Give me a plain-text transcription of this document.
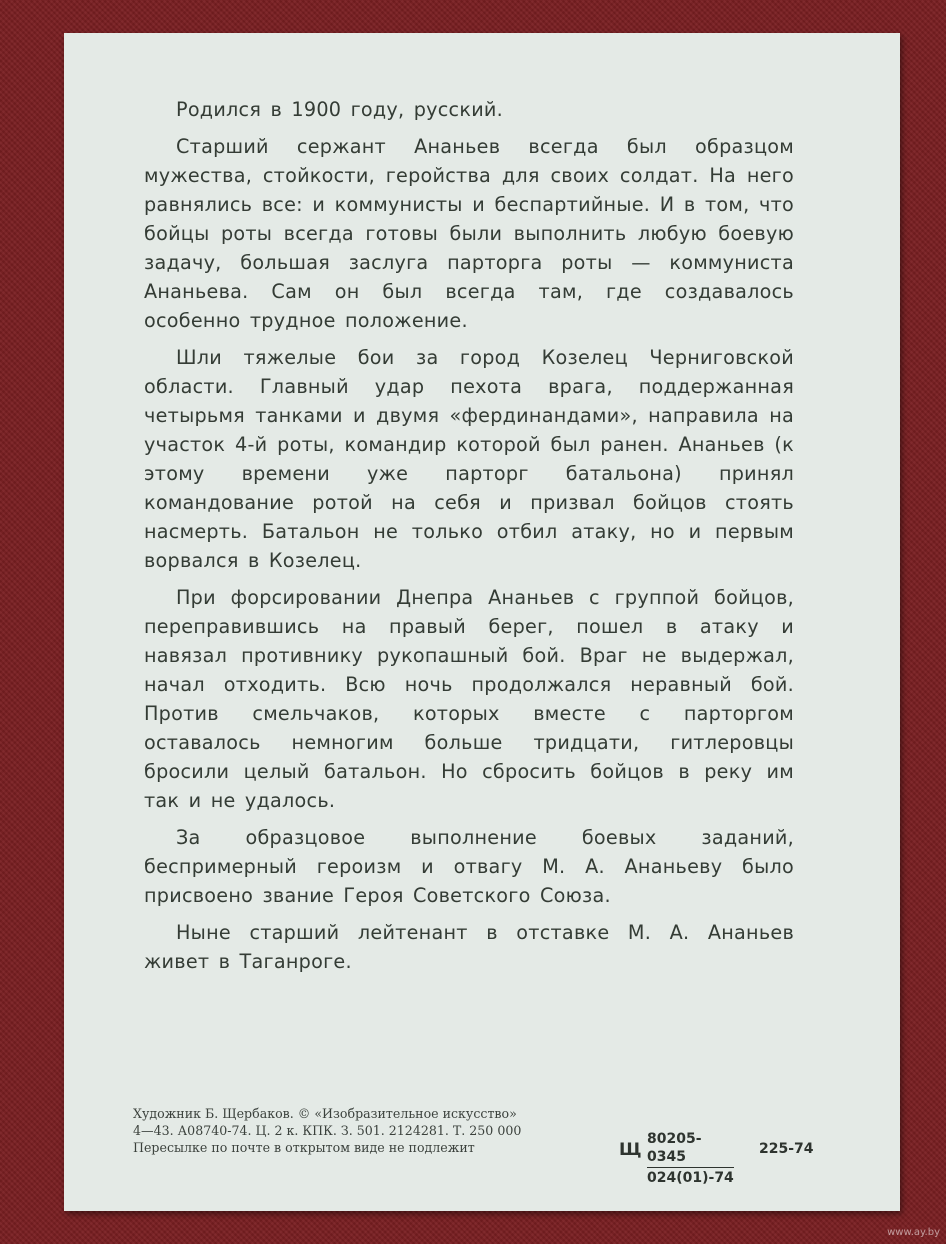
Родился в 1900 году, русский.

Старший сержант Ананьев всегда был образцом мужества, стойкости, геройства для своих солдат. На него равнялись все: и коммунисты и беспартийные. И в том, что бойцы роты всегда готовы были выполнить любую боевую задачу, большая заслуга парторга роты — коммуниста Ананьева. Сам он был всегда там, где создавалось особенно трудное положение.

Шли тяжелые бои за город Козелец Черниговской области. Главный удар пехота врага, поддержанная четырьмя танками и двумя «фердинандами», направила на участок 4-й роты, командир которой был ранен. Ананьев (к этому времени уже парторг батальона) принял командование ротой на себя и призвал бойцов стоять насмерть. Батальон не только отбил атаку, но и первым ворвался в Козелец.

При форсировании Днепра Ананьев с группой бойцов, переправившись на правый берег, пошел в атаку и навязал противнику рукопашный бой. Враг не выдержал, начал отходить. Всю ночь продолжался неравный бой. Против смельчаков, которых вместе с парторгом оставалось немногим больше тридцати, гитлеровцы бросили целый батальон. Но сбросить бойцов в реку им так и не удалось.

За образцовое выполнение боевых заданий, беспримерный героизм и отвагу М. А. Ананьеву было присвоено звание Героя Советского Союза.

Ныне старший лейтенант в отставке М. А. Ананьев живет в Таганроге.

Художник Б. Щербаков. © «Изобразительное искусство»
4—43. А08740-74. Ц. 2 к. КПК. З. 501. 2124281. Т. 250 000
Пересылке по почте в открытом виде не подлежит	Щ $\frac{80205-0345}{024(01)-74} 225-74$
www.ay.by
